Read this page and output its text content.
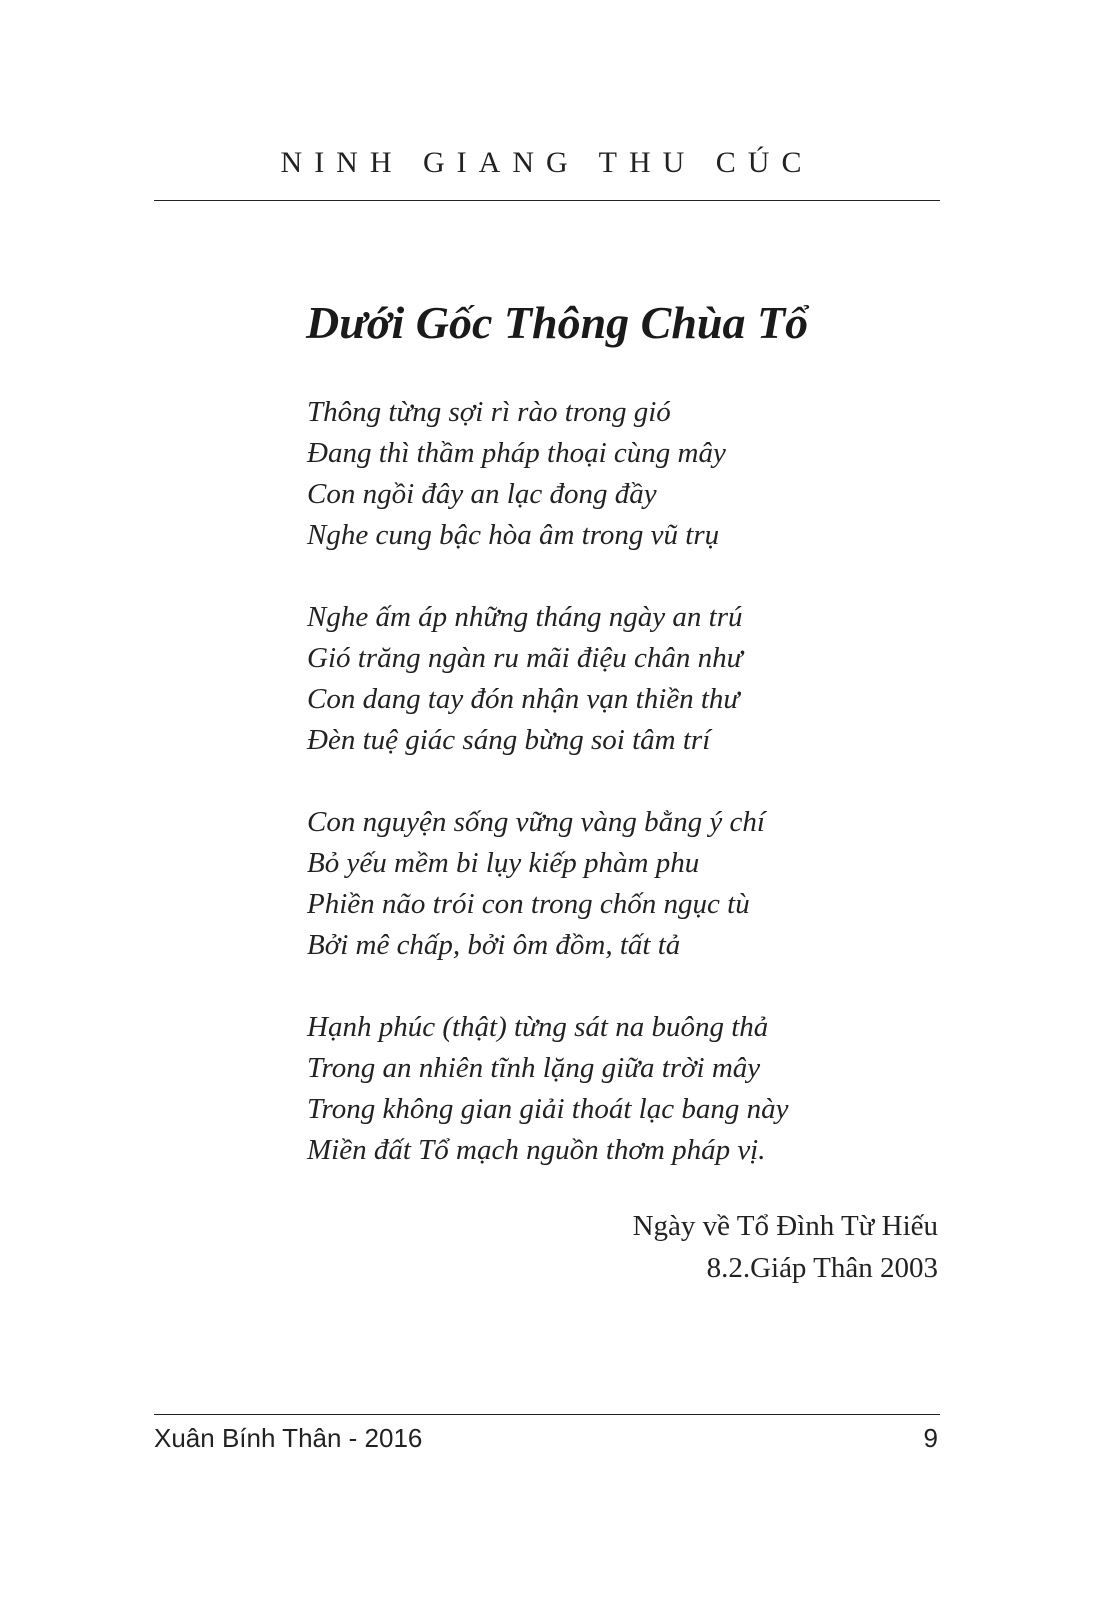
NINH GIANG THU CÚC
Dưới Gốc Thông Chùa Tổ
Thông từng sợi rì rào trong gió
Đang thì thầm pháp thoại cùng mây
Con ngồi đây an lạc đong đầy
Nghe cung bậc hòa âm trong vũ trụ
Nghe ấm áp những tháng ngày an trú
Gió trăng ngàn ru mãi điệu chân như
Con dang tay đón nhận vạn thiền thư
Đèn tuệ giác sáng bừng soi tâm trí
Con nguyện sống vững vàng bằng ý chí
Bỏ yếu mềm bi lụy kiếp phàm phu
Phiền não trói con trong chốn ngục tù
Bởi mê chấp, bởi ôm đồm, tất tả
Hạnh phúc (thật) từng sát na buông thả
Trong an nhiên tĩnh lặng giữa trời mây
Trong không gian giải thoát lạc bang này
Miền đất Tổ mạch nguồn thơm pháp vị.
Ngày về Tổ Đình Từ Hiếu
8.2.Giáp Thân 2003
Xuân Bính Thân - 2016	9
